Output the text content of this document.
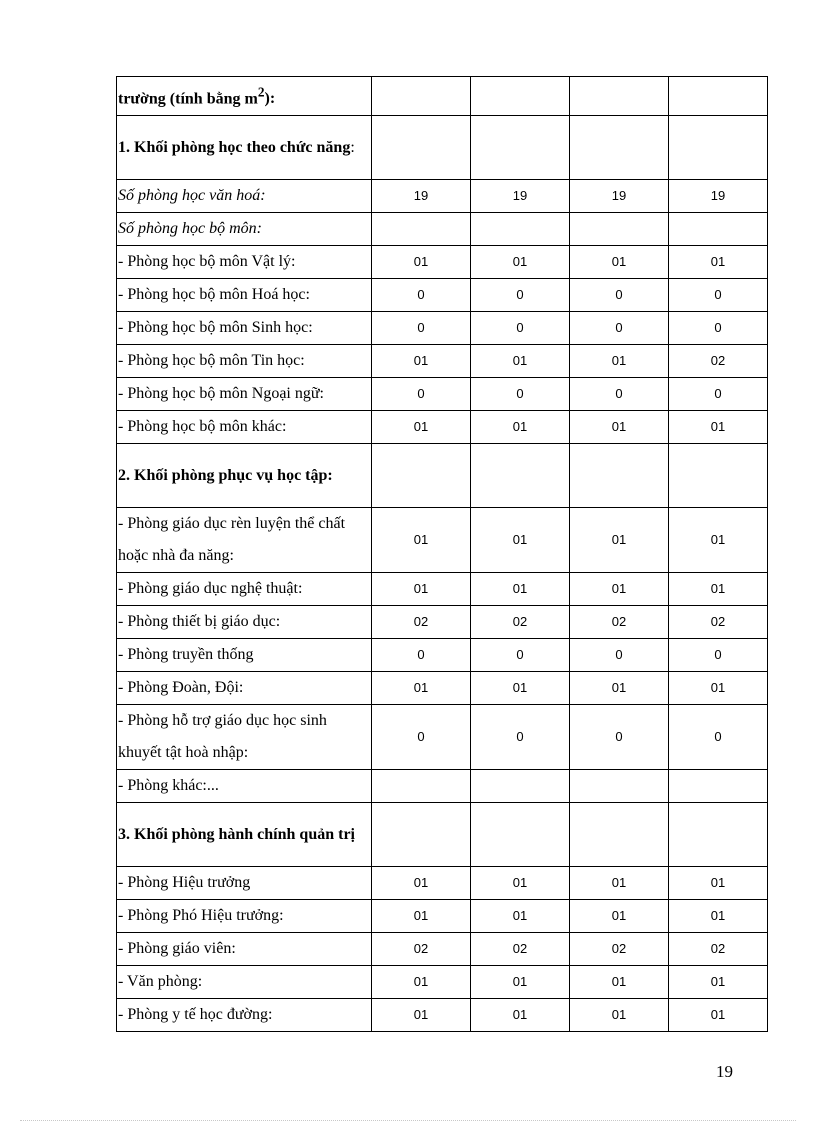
trường (tính bằng $m^2$):				
1. Khối phòng học theo chức năng:				
Số phòng học văn hoá:	19	19	19	19
Số phòng học bộ môn:				
- Phòng học bộ môn Vật lý:	01	01	01	01
- Phòng học bộ môn Hoá học:	0	0	0	0
- Phòng học bộ môn Sinh học:	0	0	0	0
- Phòng học bộ môn Tin học:	01	01	01	02
- Phòng học bộ môn Ngoại ngữ:	0	0	0	0
- Phòng học bộ môn khác:	01	01	01	01
2. Khối phòng phục vụ học tập:				
- Phòng giáo dục rèn luyện thể chất hoặc nhà đa năng:	01	01	01	01
- Phòng giáo dục nghệ thuật:	01	01	01	01
- Phòng thiết bị giáo dục:	02	02	02	02
- Phòng truyền thống	0	0	0	0
- Phòng Đoàn, Đội:	01	01	01	01
- Phòng hỗ trợ giáo dục học sinh khuyết tật hoà nhập:	0	0	0	0
- Phòng khác:...				
3. Khối phòng hành chính quản trị				
- Phòng Hiệu trưởng	01	01	01	01
- Phòng Phó Hiệu trưởng:	01	01	01	01
- Phòng giáo viên:	02	02	02	02
- Văn phòng:	01	01	01	01
- Phòng y tế học đường:	01	01	01	01
19
